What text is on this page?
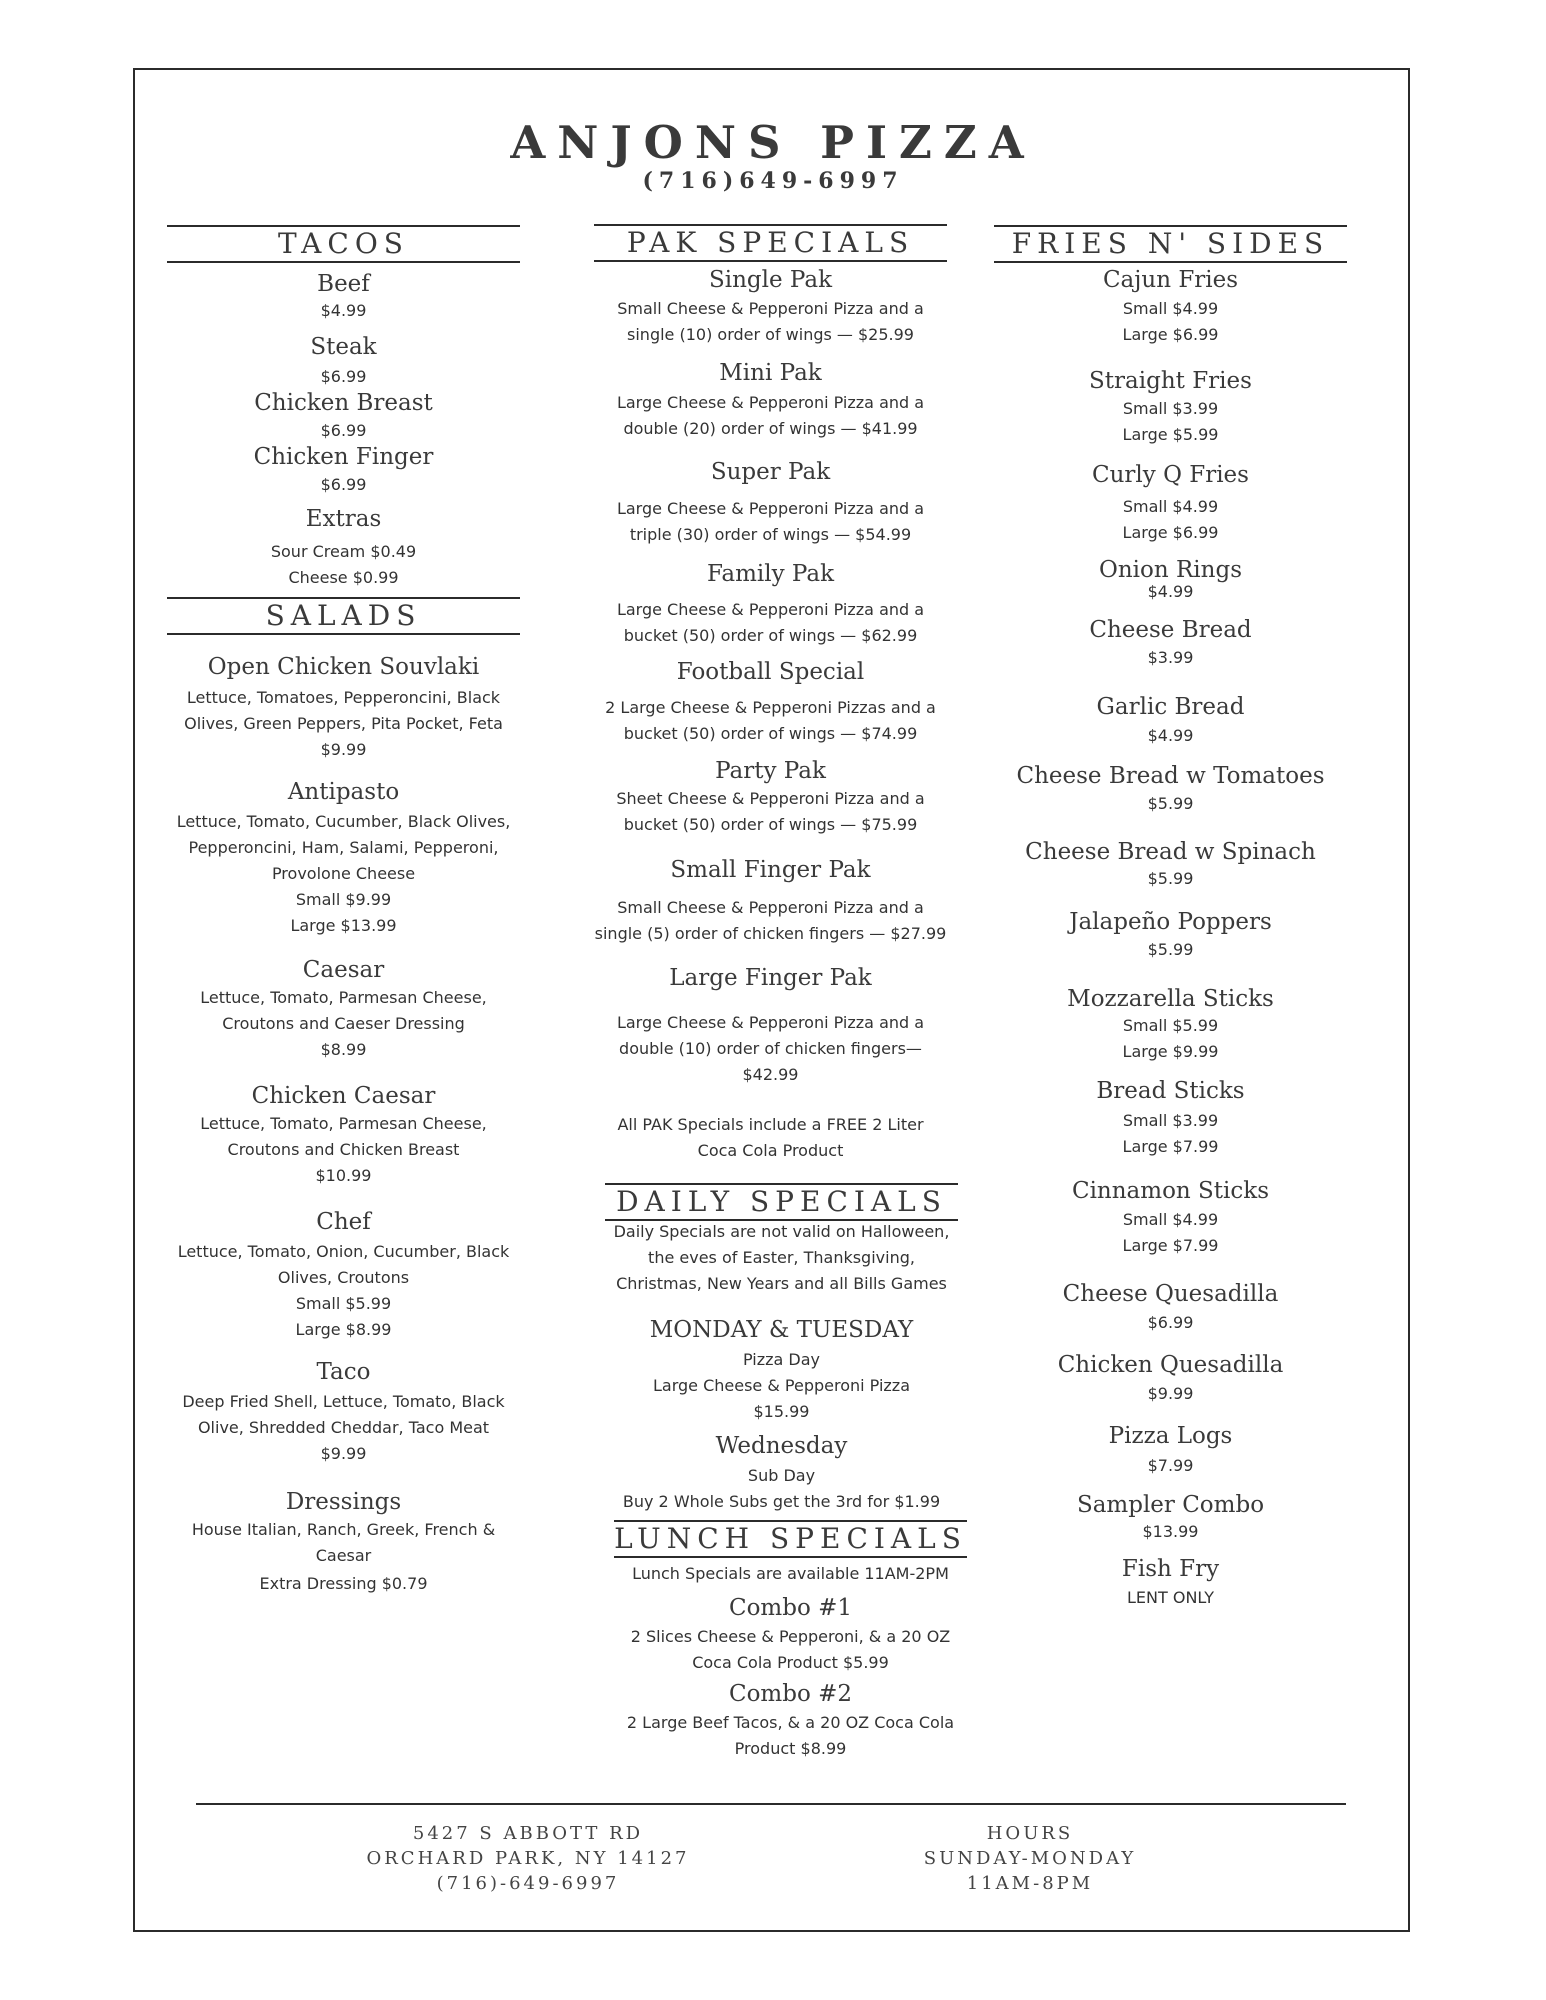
ANJONS PIZZA
(716)649-6997
TACOS
SALADS
Beef
$4.99
Steak
$6.99
Chicken Breast
$6.99
Chicken Finger
$6.99
Extras
Sour Cream $0.49
Cheese $0.99
Open Chicken Souvlaki
Lettuce, Tomatoes, Pepperoncini, Black
Olives, Green Peppers, Pita Pocket, Feta
$9.99
Antipasto
Lettuce, Tomato, Cucumber, Black Olives,
Pepperoncini, Ham, Salami, Pepperoni,
Provolone Cheese
Small $9.99
Large $13.99
Caesar
Lettuce, Tomato, Parmesan Cheese,
Croutons and Caeser Dressing
$8.99
Chicken Caesar
Lettuce, Tomato, Parmesan Cheese,
Croutons and Chicken Breast
$10.99
Chef
Lettuce, Tomato, Onion, Cucumber, Black
Olives, Croutons
Small $5.99
Large $8.99
Taco
Deep Fried Shell, Lettuce, Tomato, Black
Olive, Shredded Cheddar, Taco Meat
$9.99
Dressings
House Italian, Ranch, Greek, French &
Caesar
Extra Dressing $0.79
PAK SPECIALS
Single Pak
Small Cheese & Pepperoni Pizza and a
single (10) order of wings — $25.99
Mini Pak
Large Cheese & Pepperoni Pizza and a
double (20) order of wings — $41.99
Super Pak
Large Cheese & Pepperoni Pizza and a
triple (30) order of wings — $54.99
Family Pak
Large Cheese & Pepperoni Pizza and a
bucket (50) order of wings — $62.99
Football Special
2 Large Cheese & Pepperoni Pizzas and a
bucket (50) order of wings — $74.99
Party Pak
Sheet Cheese & Pepperoni Pizza and a
bucket (50) order of wings — $75.99
Small Finger Pak
Small Cheese & Pepperoni Pizza and a
single (5) order of chicken fingers — $27.99
Large Finger Pak
Large Cheese & Pepperoni Pizza and a
double (10) order of chicken fingers—
$42.99
All PAK Specials include a FREE 2 Liter
Coca Cola Product
DAILY SPECIALS
Daily Specials are not valid on Halloween,
the eves of Easter, Thanksgiving,
Christmas, New Years and all Bills Games
MONDAY & TUESDAY
Pizza Day
Large Cheese & Pepperoni Pizza
$15.99
Wednesday
Sub Day
Buy 2 Whole Subs get the 3rd for $1.99
LUNCH SPECIALS
Lunch Specials are available 11AM-2PM
Combo #1
2 Slices Cheese & Pepperoni, & a 20 OZ
Coca Cola Product $5.99
Combo #2
2 Large Beef Tacos, & a 20 OZ Coca Cola
Product $8.99
FRIES N' SIDES
Cajun Fries
Small $4.99
Large $6.99
Straight Fries
Small $3.99
Large $5.99
Curly Q Fries
Small $4.99
Large $6.99
Onion Rings
$4.99
Cheese Bread
$3.99
Garlic Bread
$4.99
Cheese Bread w Tomatoes
$5.99
Cheese Bread w Spinach
$5.99
Jalapeño Poppers
$5.99
Mozzarella Sticks
Small $5.99
Large $9.99
Bread Sticks
Small $3.99
Large $7.99
Cinnamon Sticks
Small $4.99
Large $7.99
Cheese Quesadilla
$6.99
Chicken Quesadilla
$9.99
Pizza Logs
$7.99
Sampler Combo
$13.99
Fish Fry
LENT ONLY
5427 S ABBOTT RD
ORCHARD PARK, NY 14127
(716)-649-6997
HOURS
SUNDAY-MONDAY
11AM-8PM
